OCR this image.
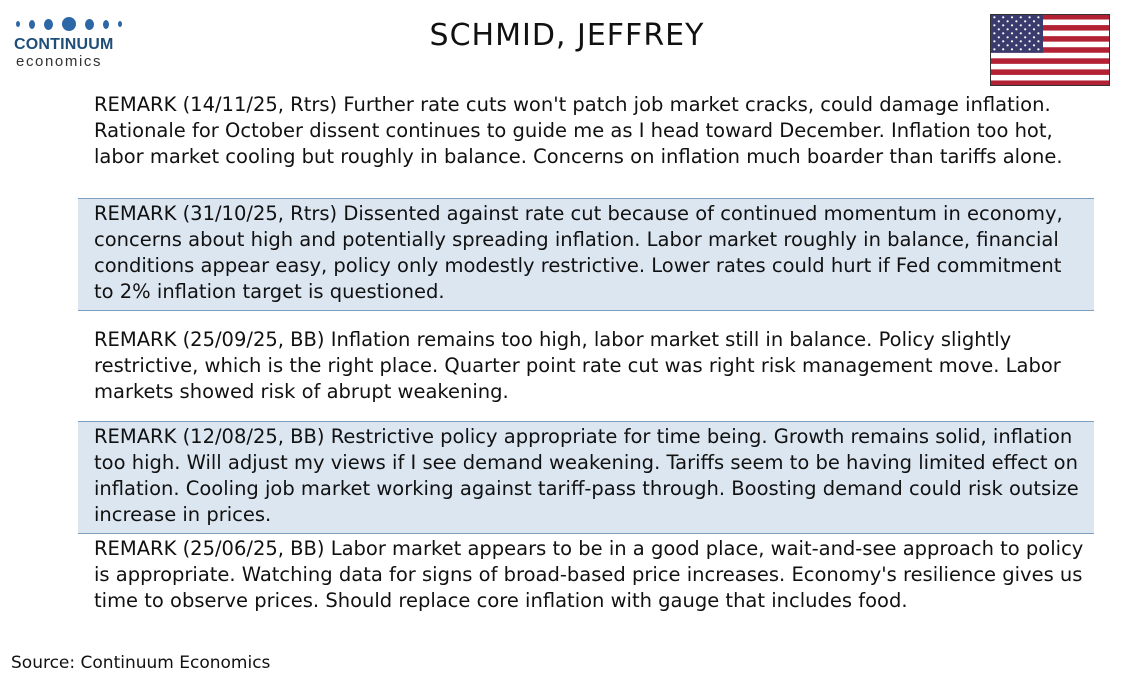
CONTINUUM
economics
SCHMID, JEFFREY
REMARK (14/11/25, Rtrs) Further rate cuts won't patch job market cracks, could damage inflation. Rationale for October dissent continues to guide me as I head toward December. Inflation too hot, labor market cooling but roughly in balance. Concerns on inflation much boarder than tariffs alone.
REMARK (31/10/25, Rtrs) Dissented against rate cut because of continued momentum in economy, concerns about high and potentially spreading inflation. Labor market roughly in balance, financial conditions appear easy, policy only modestly restrictive. Lower rates could hurt if Fed commitment to 2% inflation target is questioned.
REMARK (25/09/25, BB) Inflation remains too high, labor market still in balance. Policy slightly restrictive, which is the right place. Quarter point rate cut was right risk management move. Labor markets showed risk of abrupt weakening.
REMARK (12/08/25, BB) Restrictive policy appropriate for time being. Growth remains solid, inflation too high. Will adjust my views if I see demand weakening. Tariffs seem to be having limited effect on inflation. Cooling job market working against tariff-pass through. Boosting demand could risk outsize increase in prices.
REMARK (25/06/25, BB) Labor market appears to be in a good place, wait-and-see approach to policy is appropriate. Watching data for signs of broad-based price increases. Economy's resilience gives us time to observe prices. Should replace core inflation with gauge that includes food.
Source: Continuum Economics
